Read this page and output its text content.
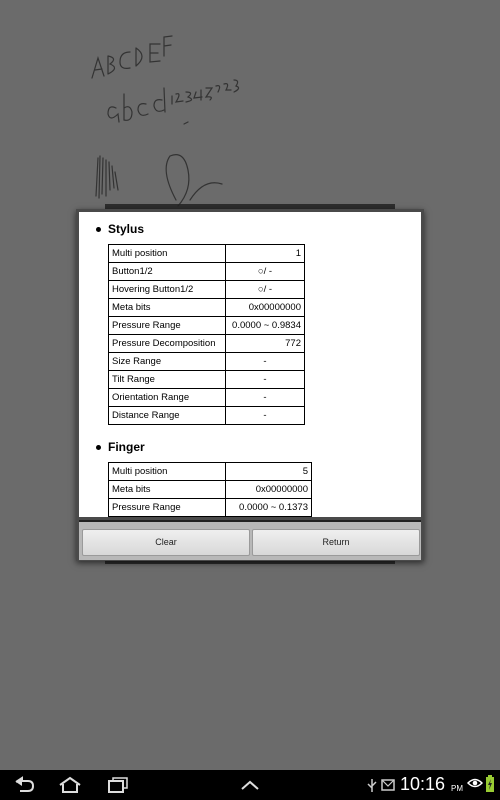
Stylus
Multi position	1
Button1/2	○/ -
Hovering Button1/2	○/ -
Meta bits	0x00000000
Pressure Range	0.0000 ~ 0.9834
Pressure Decomposition	772
Size Range	-
Tilt Range	-
Orientation Range	-
Distance Range	-
Finger
Multi position	5
Meta bits	0x00000000
Pressure Range	0.0000 ~ 0.1373
Clear	Return
10:16 PM
